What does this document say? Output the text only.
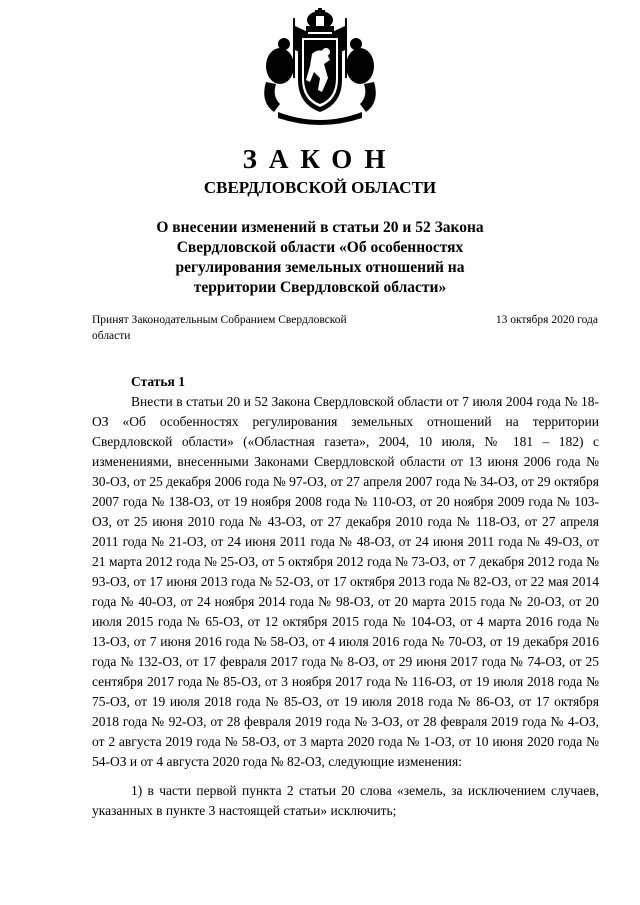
ЗАКОН
СВЕРДЛОВСКОЙ ОБЛАСТИ
О внесении изменений в статьи 20 и 52 Закона Свердловской области «Об особенностях регулирования земельных отношений на территории Свердловской области»
Принят Законодательным Собранием Свердловской области
13 октября 2020 года
Статья 1
Внести в статьи 20 и 52 Закона Свердловской области от 7 июля 2004 года № 18-ОЗ «Об особенностях регулирования земельных отношений на территории Свердловской области» («Областная газета», 2004, 10 июля, № 181 – 182) с изменениями, внесенными Законами Свердловской области от 13 июня 2006 года № 30-ОЗ, от 25 декабря 2006 года № 97-ОЗ, от 27 апреля 2007 года № 34-ОЗ, от 29 октября 2007 года № 138-ОЗ, от 19 ноября 2008 года № 110-ОЗ, от 20 ноября 2009 года № 103-ОЗ, от 25 июня 2010 года № 43-ОЗ, от 27 декабря 2010 года № 118-ОЗ, от 27 апреля 2011 года № 21-ОЗ, от 24 июня 2011 года № 48-ОЗ, от 24 июня 2011 года № 49-ОЗ, от 21 марта 2012 года № 25-ОЗ, от 5 октября 2012 года № 73-ОЗ, от 7 декабря 2012 года № 93-ОЗ, от 17 июня 2013 года № 52-ОЗ, от 17 октября 2013 года № 82-ОЗ, от 22 мая 2014 года № 40-ОЗ, от 24 ноября 2014 года № 98-ОЗ, от 20 марта 2015 года № 20-ОЗ, от 20 июля 2015 года № 65-ОЗ, от 12 октября 2015 года № 104-ОЗ, от 4 марта 2016 года № 13-ОЗ, от 7 июня 2016 года № 58-ОЗ, от 4 июля 2016 года № 70-ОЗ, от 19 декабря 2016 года № 132-ОЗ, от 17 февраля 2017 года № 8-ОЗ, от 29 июня 2017 года № 74-ОЗ, от 25 сентября 2017 года № 85-ОЗ, от 3 ноября 2017 года № 116-ОЗ, от 19 июля 2018 года № 75-ОЗ, от 19 июля 2018 года № 85-ОЗ, от 19 июля 2018 года № 86-ОЗ, от 17 октября 2018 года № 92-ОЗ, от 28 февраля 2019 года № 3-ОЗ, от 28 февраля 2019 года № 4-ОЗ, от 2 августа 2019 года № 58-ОЗ, от 3 марта 2020 года № 1-ОЗ, от 10 июня 2020 года № 54-ОЗ и от 4 августа 2020 года № 82-ОЗ, следующие изменения:
1) в части первой пункта 2 статьи 20 слова «земель, за исключением случаев, указанных в пункте 3 настоящей статьи» исключить;
